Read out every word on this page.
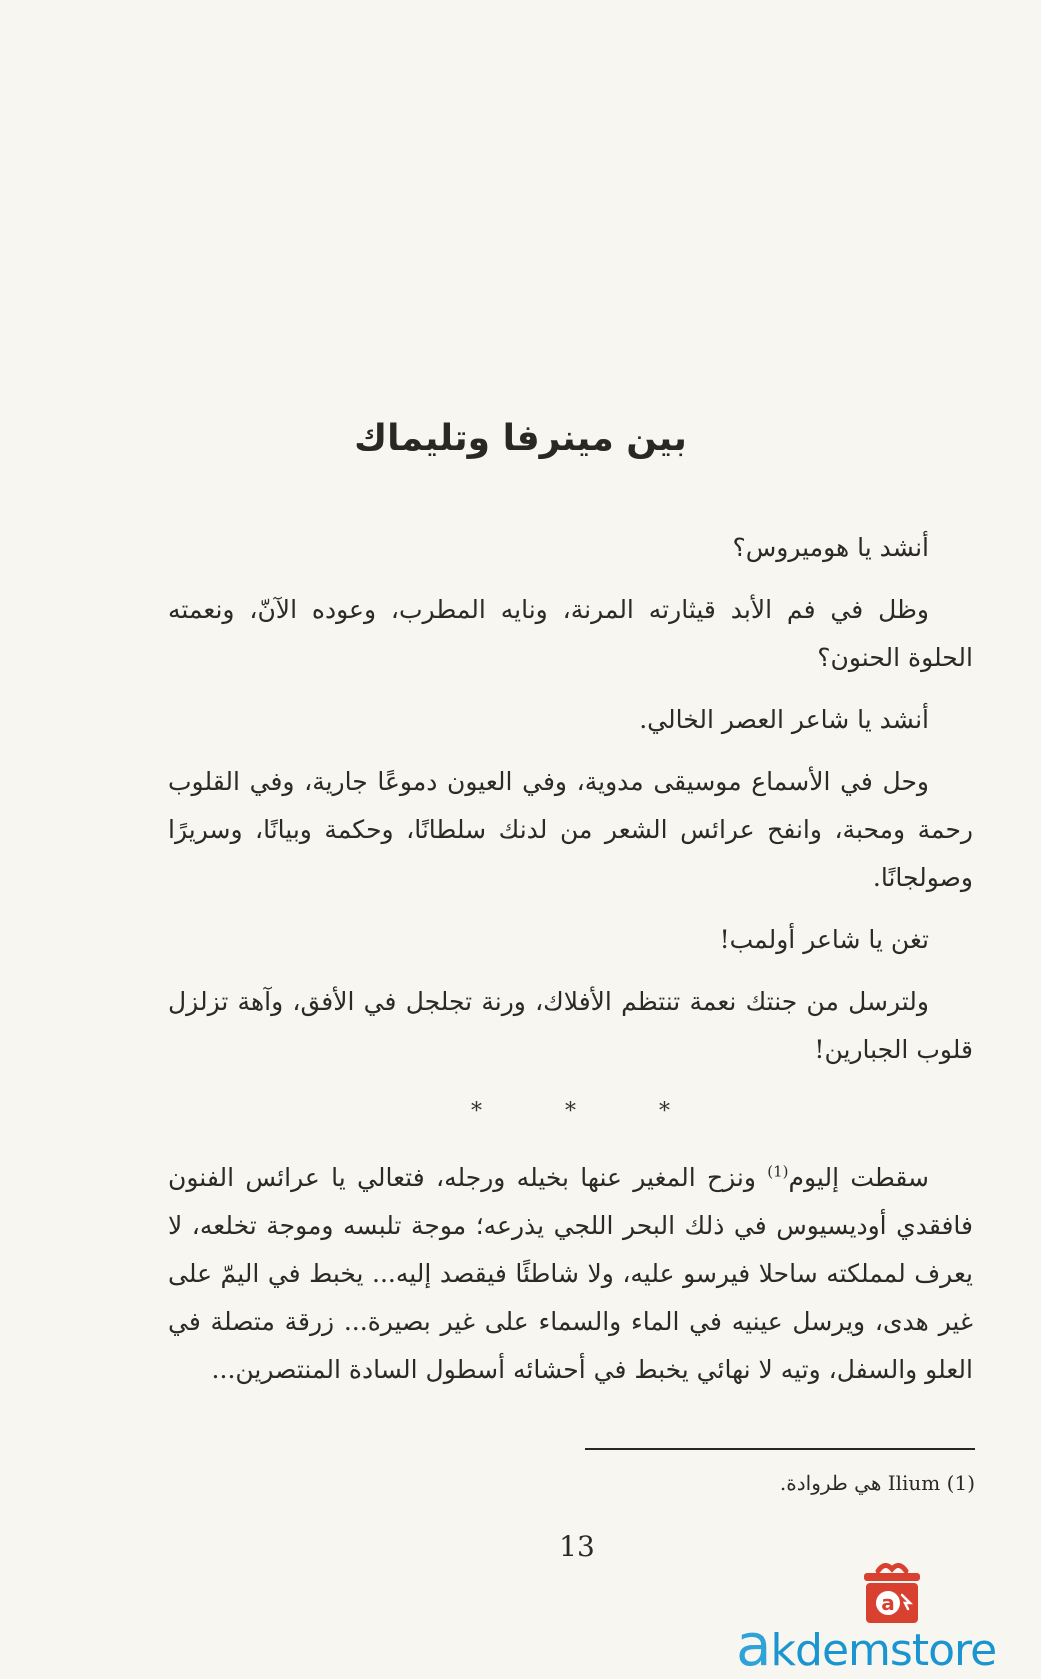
بين مينرفا وتليماك

أنشد يا هوميروس؟

وظل في فم الأبد قيثارته المرنة، ونايه المطرب، وعوده الآنّ، ونعمته الحلوة الحنون؟

أنشد يا شاعر العصر الخالي.

وحل في الأسماع موسيقى مدوية، وفي العيون دموعًا جارية، وفي القلوب رحمة ومحبة، وانفح عرائس الشعر من لدنك سلطانًا، وحكمة وبيانًا، وسريرًا وصولجانًا.

تغن يا شاعر أولمب!

ولترسل من جنتك نعمة تنتظم الأفلاك، ورنة تجلجل في الأفق، وآهة تزلزل قلوب الجبارين!

* * *

سقطت إليوم$^{(1)}$ ونزح المغير عنها بخيله ورجله، فتعالي يا عرائس الفنون فافقدي أوديسيوس في ذلك البحر اللجي يذرعه؛ موجة تلبسه وموجة تخلعه، لا يعرف لمملكته ساحلا فيرسو عليه، ولا شاطئًا فيقصد إليه... يخبط في اليمّ على غير هدى، ويرسل عينيه في الماء والسماء على غير بصيرة... زرقة متصلة في العلو والسفل، وتيه لا نهائي يخبط في أحشائه أسطول السادة المنتصرين...

(1) Ilium هي طروادة.
13
a
akdemstore
